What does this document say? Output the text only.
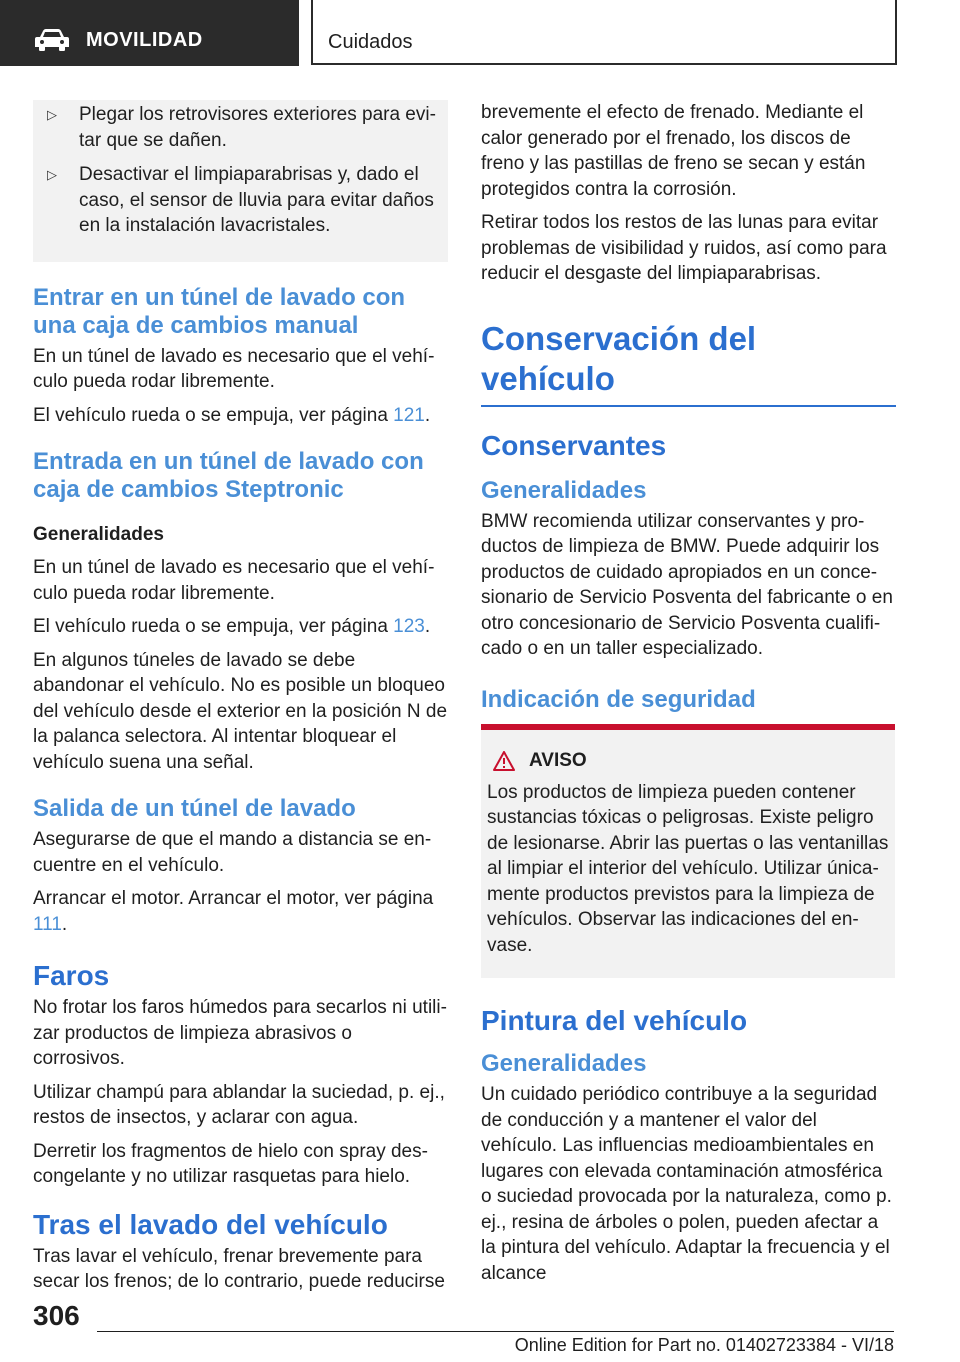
MOVILIDAD	Cuidados
▷	Plegar los retrovisores exteriores para evitar que se dañen.
▷	Desactivar el limpiaparabrisas y, dado el caso, el sensor de lluvia para evitar daños en la instalación lavacristales.
Entrar en un túnel de lavado con una caja de cambios manual

En un túnel de lavado es necesario que el vehículo pueda rodar libremente.

El vehículo rueda o se empuja, ver página 121.

Entrada en un túnel de lavado con caja de cambios Steptronic
Generalidades

En un túnel de lavado es necesario que el vehículo pueda rodar libremente.

El vehículo rueda o se empuja, ver página 123.

En algunos túneles de lavado se debe abandonar el vehículo. No es posible un bloqueo del vehículo desde el exterior en la posición N de la palanca selectora. Al intentar bloquear el vehículo suena una señal.

Salida de un túnel de lavado

Asegurarse de que el mando a distancia se encuentre en el vehículo.

Arrancar el motor. Arrancar el motor, ver página 111.

Faros

No frotar los faros húmedos para secarlos ni utilizar productos de limpieza abrasivos o corrosivos.

Utilizar champú para ablandar la suciedad, p. ej., restos de insectos, y aclarar con agua.

Derretir los fragmentos de hielo con spray descongelante y no utilizar rasquetas para hielo.

Tras el lavado del vehículo

Tras lavar el vehículo, frenar brevemente para secar los frenos; de lo contrario, puede reducirse

brevemente el efecto de frenado. Mediante el calor generado por el frenado, los discos de freno y las pastillas de freno se secan y están protegidos contra la corrosión.

Retirar todos los restos de las lunas para evitar problemas de visibilidad y ruidos, así como para reducir el desgaste del limpiaparabrisas.

Conservación del vehículo
Conservantes
Generalidades

BMW recomienda utilizar conservantes y productos de limpieza de BMW. Puede adquirir los productos de cuidado apropiados en un concesionario de Servicio Posventa del fabricante o en otro concesionario de Servicio Posventa cualificado o en un taller especializado.

Indicación de seguridad
AVISO

Los productos de limpieza pueden contener sustancias tóxicas o peligrosas. Existe peligro de lesionarse. Abrir las puertas o las ventanillas al limpiar el interior del vehículo. Utilizar únicamente productos previstos para la limpieza de vehículos. Observar las indicaciones del envase.

Pintura del vehículo
Generalidades

Un cuidado periódico contribuye a la seguridad de conducción y a mantener el valor del vehículo. Las influencias medioambientales en lugares con elevada contaminación atmosférica o suciedad provocada por la naturaleza, como p. ej., resina de árboles o polen, pueden afectar a la pintura del vehículo. Adaptar la frecuencia y el alcance

306
Online Edition for Part no. 01402723384 - VI/18
